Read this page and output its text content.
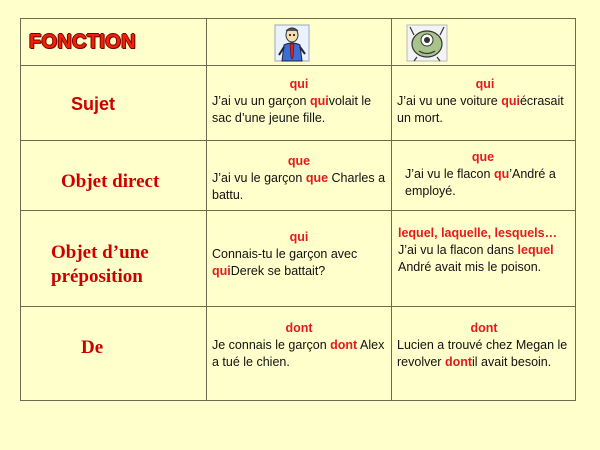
FONCTION
Sujet
qui
J’ai vu un garçon quivolait le sac d’une jeune fille.
qui
J’ai vu une voiture quiécrasait un mort.
Objet direct
que
J’ai vu le garçon que Charles a battu.
que
J’ai vu le flacon qu’André a employé.
Objet d’une
préposition
qui
Connais-tu le garçon avec quiDerek se battait?
lequel, laquelle, lesquels…
J’ai vu la flacon dans lequel André avait mis le poison.
De
dont
Je connais le garçon dont Alex a tué le chien.
dont
Lucien a trouvé chez Megan le revolver dontil avait besoin.
